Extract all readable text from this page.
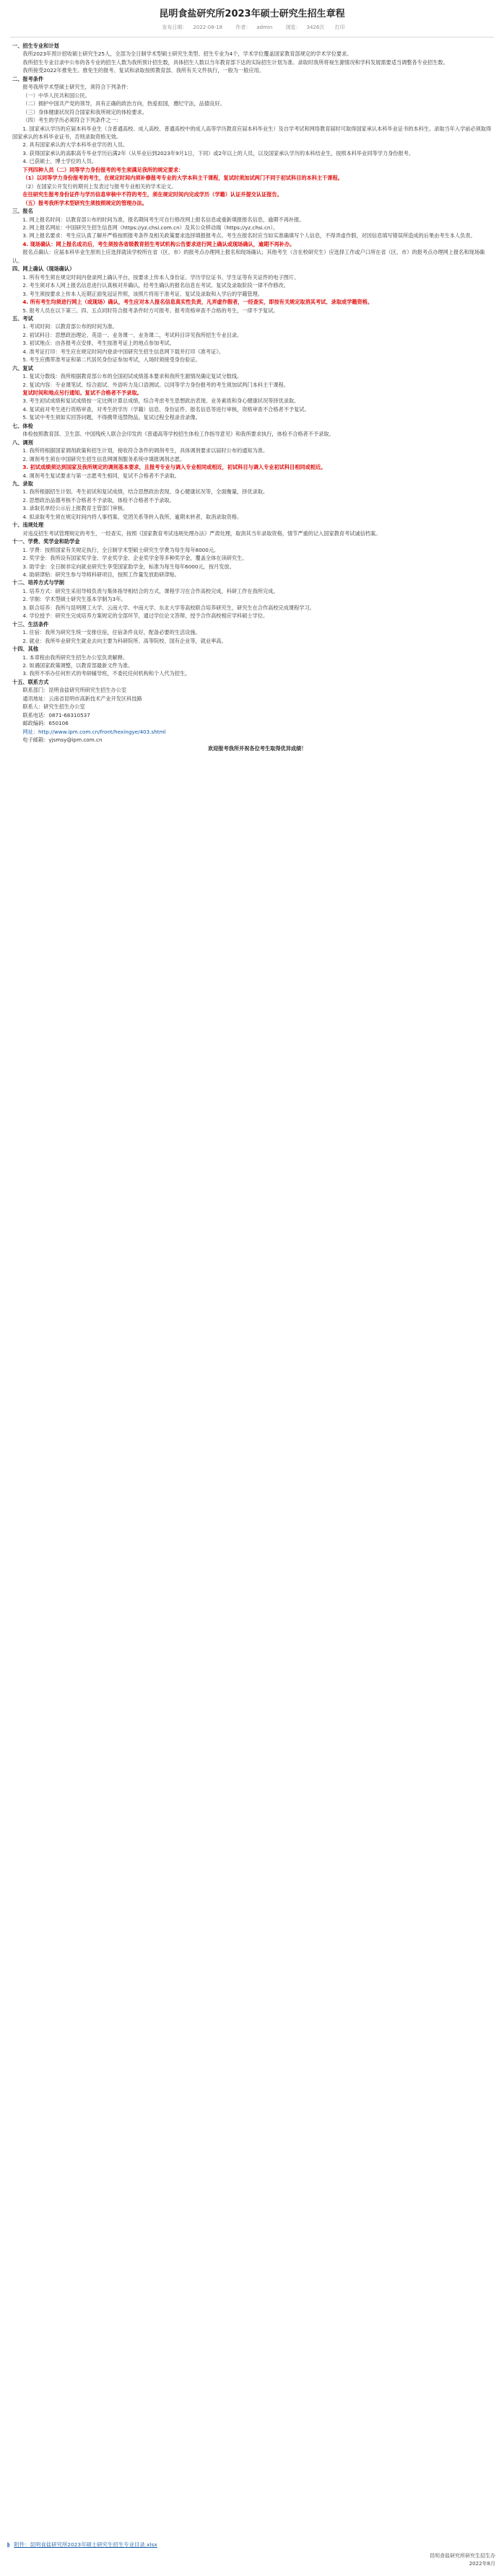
昆明食盐研究所2023年硕士研究生招生章程
发布日期： 2022-08-18	作者： admin	浏览： 3426次 打印

一、招生专业和计划

我所2023年预计招收硕士研究生25人，全部为全日制学术型硕士研究生类型。招生专业为4个，学术学位覆盖国家教育部规定的学术学位要求。

我所招生专业目录中公布的各专业的招生人数为我所预计招生数，具体招生人数以当年教育部下达的实际招生计划为准。录取时我所将视生源情况和学科发展需要适当调整各专业招生数。

我所接受2022年推免生。推免生的报考、复试和录取按照教育部、我所有关文件执行，一般为一般应用。

二、报考条件

报考我所学术型硕士研究生，须符合下列条件：

（一）中华人民共和国公民。

（二）拥护中国共产党的领导，具有正确的政治方向，热爱祖国，遵纪守法，品德良好。

（三）身体健康状况符合国家和我所规定的体检要求。

（四）考生的学历必须符合下列条件之一：

1. 国家承认学历的应届本科毕业生（含普通高校、成人高校、普通高校中的成人高等学历教育应届本科毕业生）及自学考试和网络教育届时可取得国家承认本科毕业证书的本科生。录取当年入学前必须取得国家承认的本科毕业证书，否则录取资格无效。

2. 具有国家承认的大学本科毕业学历的人员。

3. 获得国家承认的高职高专毕业学历后满2年（从毕业后到2023年9月1日，下同）或2年以上的人员，以及国家承认学历的本科结业生，按照本科毕业同等学力身份报考。

4. 已获硕士、博士学位的人员。

下列四种人员（二）同等学力身份报考的考生须满足我所的规定要求：

（1）以同等学力身份报考的考生，在规定时间内须补修报考专业的大学本科主干课程，复试时须加试两门不同于初试科目的本科主干课程。

（2）在国家公开发行的期刊上发表过与报考专业相关的学术论文。

在往研究生报考身份证件与学历信息审核中不符的考生，须在规定时间内完成学历（学籍）认证并提交认证报告。

（五）报考我所学术型研究生须按照规定的管理办法。

三、报名

1. 网上报名时间：以教育部公布的时间为准，报名期间考生可自行修改网上报名信息或重新填报报名信息，逾期不再补报。

2. 网上报名网址：中国研究生招生信息网（https://yz.chsi.com.cn）及其公众移动端（https://yz.chsi.cn）。

3. 网上报名要求：考生应认真了解并严格按照报考条件及相关政策要求选择填报报考点。考生在报名时应当如实准确填写个人信息，不得弄虚作假，对因信息填写错误所造成的后果由考生本人负责。

4. 现场确认：网上报名成功后，考生须按各省级教育招生考试机构公告要求进行网上确认或现场确认，逾期不再补办。

报名点确认：应届本科毕业生原则上应选择就读学校所在省（区、市）的报考点办理网上报名和现场确认；其他考生（含在校研究生）应选择工作或户口所在省（区、市）的报考点办理网上报名和现场确认。

四、网上确认（现场确认）

1. 所有考生须在规定时间内登录网上确认平台，按要求上传本人身份证、学历学位证书、学生证等有关证件的电子图片。

2. 考生须对本人网上报名信息进行认真核对并确认，经考生确认的报名信息在考试、复试及录取阶段一律不作修改。

3. 考生须按要求上传本人近期正面免冠证件照，该照片将用于准考证、复试及录取和入学后的学籍管理。

4. 所有考生均须进行网上（或现场）确认，考生应对本人报名信息真实性负责，凡弄虚作假者，一经查实，即按有关规定取消其考试、录取或学籍资格。

5. 报考人员在以下第三、四、五点同时符合报考条件时方可报考。报考资格审查不合格的考生，一律不予复试。

五、考试

1. 考试时间：以教育部公布的时间为准。

2. 初试科目：思想政治理论、英语一、业务课一、业务课二，考试科目详见我所招生专业目录。

3. 初试地点：由各报考点安排，考生按准考证上的地点参加考试。

4. 准考证打印：考生应在规定时间内登录中国研究生招生信息网下载并打印《准考证》。

5. 考生应携带准考证和第二代居民身份证参加考试，入场时须接受身份验证。

六、复试

1. 复试分数线：我所根据教育部公布的全国初试成绩基本要求和我所生源情况确定复试分数线。

2. 复试内容：专业课笔试、综合面试、外语听力及口语测试。以同等学力身份报考的考生须加试两门本科主干课程。

复试时间和地点另行通知。复试不合格者不予录取。

3. 考生初试成绩和复试成绩按一定比例计算总成绩，综合考虑考生思想政治表现、业务素质和身心健康状况等择优录取。

4. 复试前对考生进行资格审查，对考生的学历（学籍）信息、身份证件、报名信息等进行审核，资格审查不合格者不予复试。

5. 复试中考生须如实回答问题，不得携带违禁物品，复试过程全程录音录像。

七、体检

体检按照教育部、卫生部、中国残疾人联合会印发的《普通高等学校招生体检工作指导意见》和我所要求执行，体检不合格者不予录取。

八、调剂

1. 我所将根据国家调剂政策和招生计划，接收符合条件的调剂考生，具体调剂要求以届时公布的通知为准。

2. 调剂考生须在中国研究生招生信息网调剂服务系统中填报调剂志愿。

3. 初试成绩须达到国家及我所规定的调剂基本要求，且报考专业与调入专业相同或相近，初试科目与调入专业初试科目相同或相近。

4. 调剂考生复试要求与第一志愿考生相同，复试不合格者不予录取。

九、录取

1. 我所根据招生计划、考生初试和复试成绩，结合思想政治表现、身心健康状况等，全面衡量，择优录取。

2. 思想政治品德考核不合格者不予录取，体检不合格者不予录取。

3. 录取名单经公示后上报教育主管部门审核。

4. 拟录取考生须在规定时间内将人事档案、党团关系等转入我所，逾期未转者，取消录取资格。

十、违规处理

对违反招生考试管理规定的考生，一经查实，按照《国家教育考试违规处理办法》严肃处理，取消其当年录取资格，情节严重的记入国家教育考试诚信档案。

十一、学费、奖学金和助学金

1. 学费：按照国家有关规定执行，全日制学术型硕士研究生学费为每生每年8000元。

2. 奖学金：我所设有国家奖学金、学业奖学金、企业奖学金等多种奖学金，覆盖全体在读研究生。

3. 助学金：全日制非定向就业研究生享受国家助学金，标准为每生每年6000元，按月发放。

4. 助研津贴：研究生参与导师科研项目，按照工作量发放助研津贴。

十二、培养方式与学制

1. 培养方式：研究生采用导师负责与集体指导相结合的方式，课程学习在合作高校完成，科研工作在我所完成。

2. 学制：学术型硕士研究生基本学制为3年。

3. 联合培养：我所与昆明理工大学、云南大学、中南大学、东北大学等高校联合培养研究生，研究生在合作高校完成课程学习。

4. 学位授予：研究生完成培养方案规定的全部环节，通过学位论文答辩，授予合作高校相应学科硕士学位。

十三、生活条件

1. 住宿：我所为研究生统一安排住宿，住宿条件良好，配备必要的生活设施。

2. 就业：我所毕业研究生就业去向主要为科研院所、高等院校、国有企业等，就业率高。

十四、其他

1. 本章程由我所研究生招生办公室负责解释。

2. 如遇国家政策调整，以教育部最新文件为准。

3. 我所不举办任何形式的考研辅导班，不委托任何机构和个人代为招生。

十五、联系方式

联系部门：昆明食盐研究所研究生招生办公室

通讯地址：云南省昆明市高新技术产业开发区科技路

联系人：研究生招生办公室

联系电话：0871-68310537

邮政编码：650106

网址：http://www.ipm.com.cn/front/hexingye/403.shtml

电子邮箱：yjsmsy@ipm.com.cn

欢迎报考我所并祝各位考生取得优异成绩！

附件：昆明食盐研究所2023年硕士研究生招生专业目录.xlsx
昆明食盐研究所研究生招生办
2022年8月
